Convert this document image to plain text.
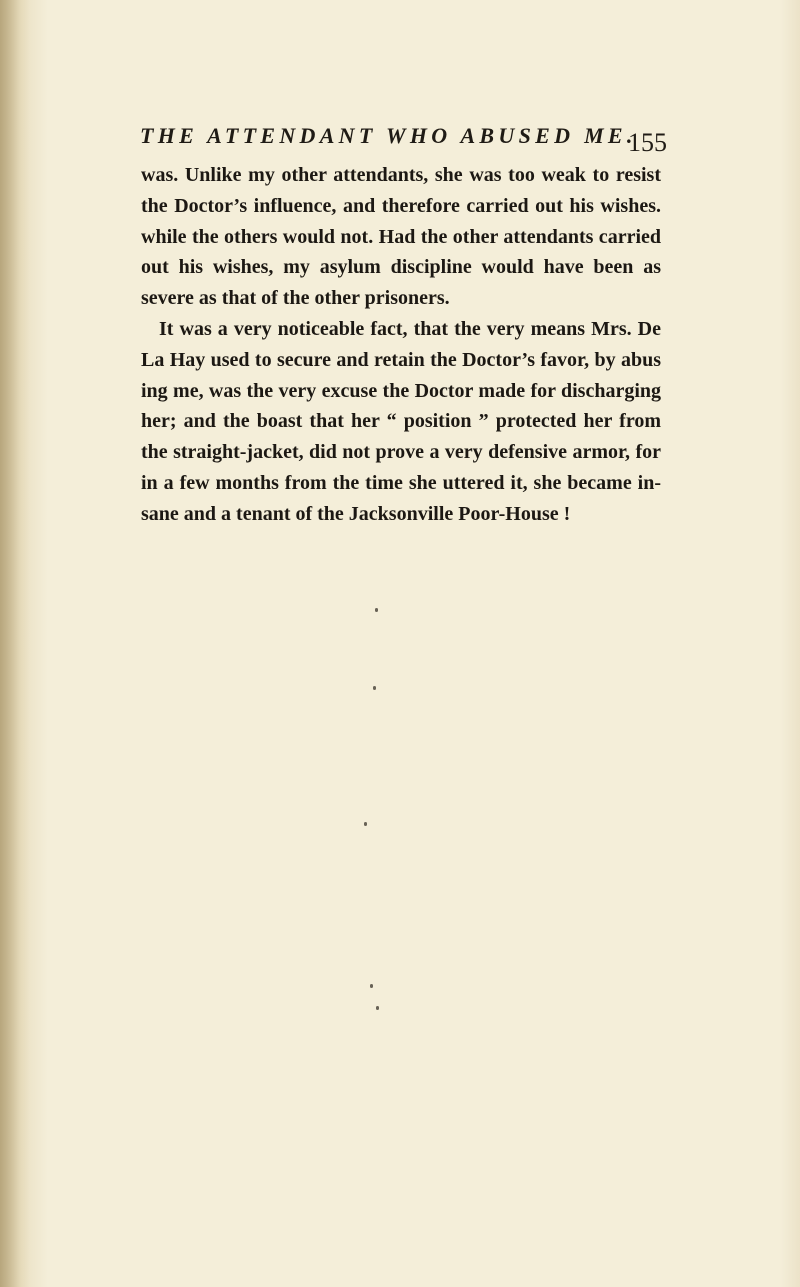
THE ATTENDANT WHO ABUSED ME.
155
was. Unlike my other attendants, she was too weak to resist
the Doctor’s influence, and therefore carried out his wishes.
while the others would not. Had the other attendants carried
out his wishes, my asylum discipline would have been as
severe as that of the other prisoners.
It was a very noticeable fact, that the very means Mrs. De
La Hay used to secure and retain the Doctor’s favor, by abus
ing me, was the very excuse the Doctor made for discharging
her; and the boast that her “ position ” protected her from
the straight-jacket, did not prove a very defensive armor, for
in a few months from the time she uttered it, she became in-
sane and a tenant of the Jacksonville Poor-House !
